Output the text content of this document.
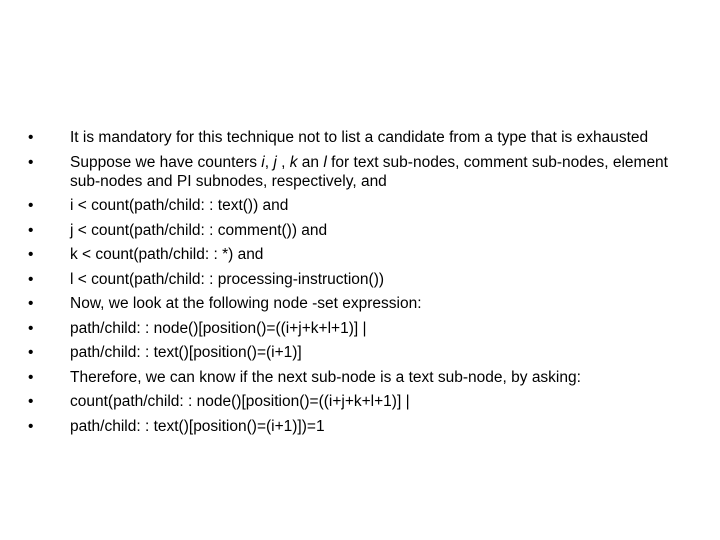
• It is mandatory for this technique not to list a candidate from a type that is exhausted
• Suppose we have counters i, j , k an l for text sub-nodes, comment sub-nodes, element sub-nodes and PI subnodes, respectively, and
• i < count(path/child: : text()) and
• j < count(path/child: : comment()) and
• k < count(path/child: : *) and
• l < count(path/child: : processing-instruction())
• Now, we look at the following node -set expression:
• path/child: : node()[position()=((i+j+k+l+1)] |
• path/child: : text()[position()=(i+1)]
• Therefore, we can know if the next sub-node is a text sub-node, by asking:
• count(path/child: : node()[position()=((i+j+k+l+1)] |
• path/child: : text()[position()=(i+1)])=1
